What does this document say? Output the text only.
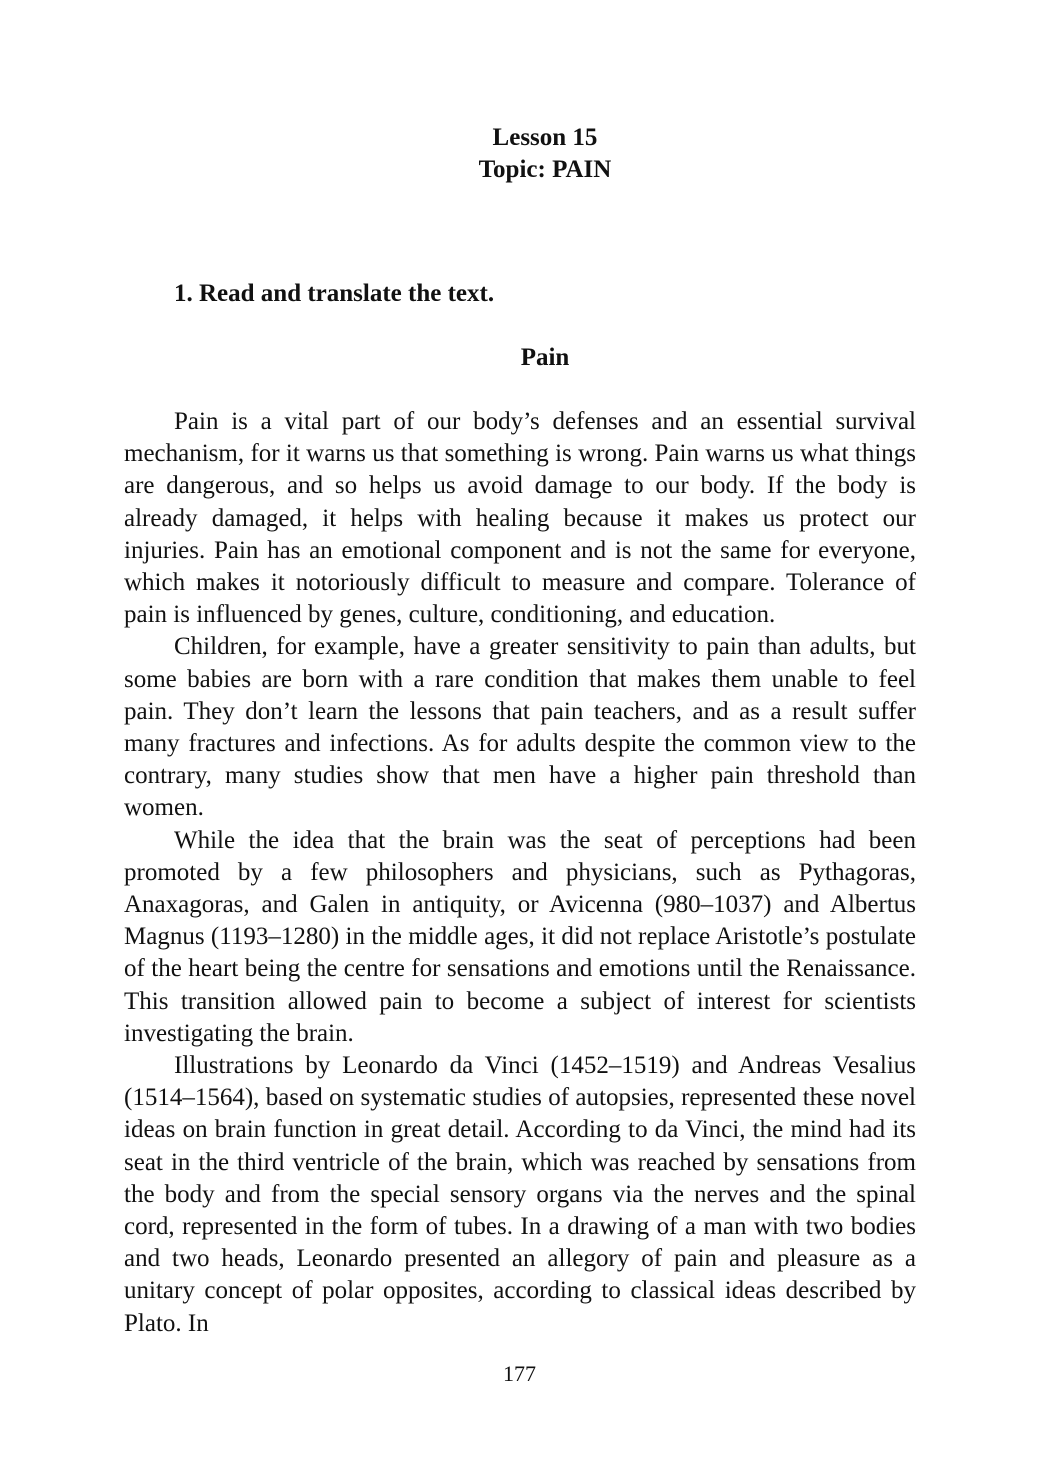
Lesson 15

Topic: PAIN

1. Read and translate the text.

Pain

Pain is a vital part of our body’s defenses and an essential survival mechanism, for it warns us that something is wrong. Pain warns us what things are dangerous, and so helps us avoid damage to our body. If the body is already damaged, it helps with healing because it makes us protect our injuries. Pain has an emotional component and is not the same for everyone, which makes it notoriously difficult to measure and compare. Tolerance of pain is influenced by genes, culture, conditioning, and education.

Children, for example, have a greater sensitivity to pain than adults, but some babies are born with a rare condition that makes them unable to feel pain. They don’t learn the lessons that pain teachers, and as a result suffer many fractures and infections. As for adults despite the common view to the contrary, many studies show that men have a higher pain threshold than women.

While the idea that the brain was the seat of perceptions had been promoted by a few philosophers and physicians, such as Pythagoras, Anaxagoras, and Galen in antiquity, or Avicenna (980–1037) and Albertus Magnus (1193–1280) in the middle ages, it did not replace Aristotle’s postulate of the heart being the centre for sensations and emotions until the Renaissance. This transition allowed pain to become a subject of interest for scientists investigating the brain.

Illustrations by Leonardo da Vinci (1452–1519) and Andreas Vesalius (1514–1564), based on systematic studies of autopsies, represented these novel ideas on brain function in great detail. According to da Vinci, the mind had its seat in the third ventricle of the brain, which was reached by sensations from the body and from the special sensory organs via the nerves and the spinal cord, represented in the form of tubes. In a drawing of a man with two bodies and two heads, Leonardo presented an allegory of pain and pleasure as a unitary concept of polar opposites, according to classical ideas described by Plato. In

177
